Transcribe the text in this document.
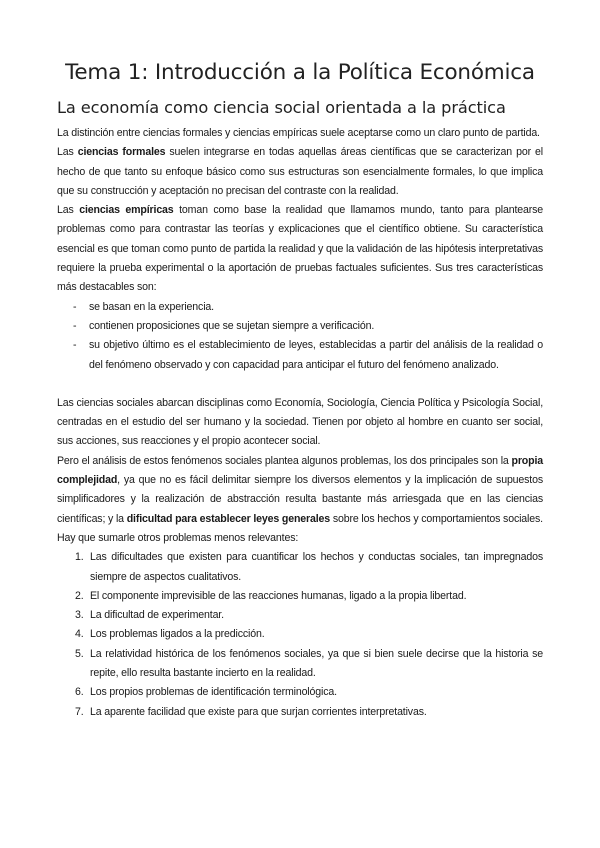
Tema 1: Introducción a la Política Económica
La economía como ciencia social orientada a la práctica

La distinción entre ciencias formales y ciencias empíricas suele aceptarse como un claro punto de partida.

Las ciencias formales suelen integrarse en todas aquellas áreas científicas que se caracterizan por el hecho de que tanto su enfoque básico como sus estructuras son esencialmente formales, lo que implica que su construcción y aceptación no precisan del contraste con la realidad.

Las ciencias empíricas toman como base la realidad que llamamos mundo, tanto para plantearse problemas como para contrastar las teorías y explicaciones que el científico obtiene. Su característica esencial es que toman como punto de partida la realidad y que la validación de las hipótesis interpretativas requiere la prueba experimental o la aportación de pruebas factuales suficientes. Sus tres características más destacables son:

- se basan en la experiencia.
- contienen proposiciones que se sujetan siempre a verificación.
- su objetivo último es el establecimiento de leyes, establecidas a partir del análisis de la realidad o del fenómeno observado y con capacidad para anticipar el futuro del fenómeno analizado.

Las ciencias sociales abarcan disciplinas como Economía, Sociología, Ciencia Política y Psicología Social, centradas en el estudio del ser humano y la sociedad. Tienen por objeto al hombre en cuanto ser social, sus acciones, sus reacciones y el propio acontecer social.

Pero el análisis de estos fenómenos sociales plantea algunos problemas, los dos principales son la propia complejidad, ya que no es fácil delimitar siempre los diversos elementos y la implicación de supuestos simplificadores y la realización de abstracción resulta bastante más arriesgada que en las ciencias científicas; y la dificultad para establecer leyes generales sobre los hechos y comportamientos sociales.

Hay que sumarle otros problemas menos relevantes:

1. Las dificultades que existen para cuantificar los hechos y conductas sociales, tan impregnados siempre de aspectos cualitativos.
2. El componente imprevisible de las reacciones humanas, ligado a la propia libertad.
3. La dificultad de experimentar.
4. Los problemas ligados a la predicción.
5. La relatividad histórica de los fenómenos sociales, ya que si bien suele decirse que la historia se repite, ello resulta bastante incierto en la realidad.
6. Los propios problemas de identificación terminológica.
7. La aparente facilidad que existe para que surjan corrientes interpretativas.
